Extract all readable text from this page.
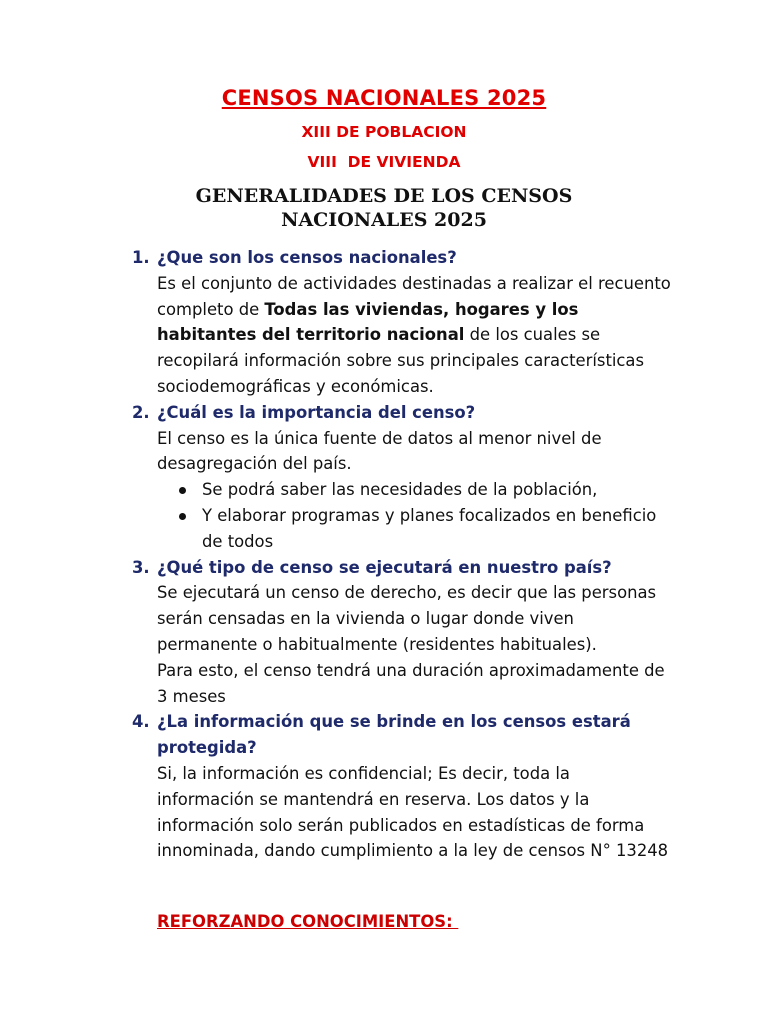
CENSOS NACIONALES 2025
XIII DE POBLACION
VIII  DE VIVIENDA
GENERALIDADES DE LOS CENSOS
NACIONALES 2025
1. ¿Que son los censos nacionales?
Es el conjunto de actividades destinadas a realizar el recuento completo de Todas las viviendas, hogares y los habitantes del territorio nacional de los cuales se recopilará información sobre sus principales características sociodemográficas y económicas.
2. ¿Cuál es la importancia del censo?
El censo es la única fuente de datos al menor nivel de desagregación del país.
Se podrá saber las necesidades de la población,
Y elaborar programas y planes focalizados en beneficio de todos
3. ¿Qué tipo de censo se ejecutará en nuestro país?
Se ejecutará un censo de derecho, es decir que las personas serán censadas en la vivienda o lugar donde viven permanente o habitualmente (residentes habituales).
Para esto, el censo tendrá una duración aproximadamente de 3 meses
4. ¿La información que se brinde en los censos estará protegida?
Si, la información es confidencial; Es decir, toda la información se mantendrá en reserva. Los datos y la información solo serán publicados en estadísticas de forma innominada, dando cumplimiento a la ley de censos N° 13248
REFORZANDO CONOCIMIENTOS:
